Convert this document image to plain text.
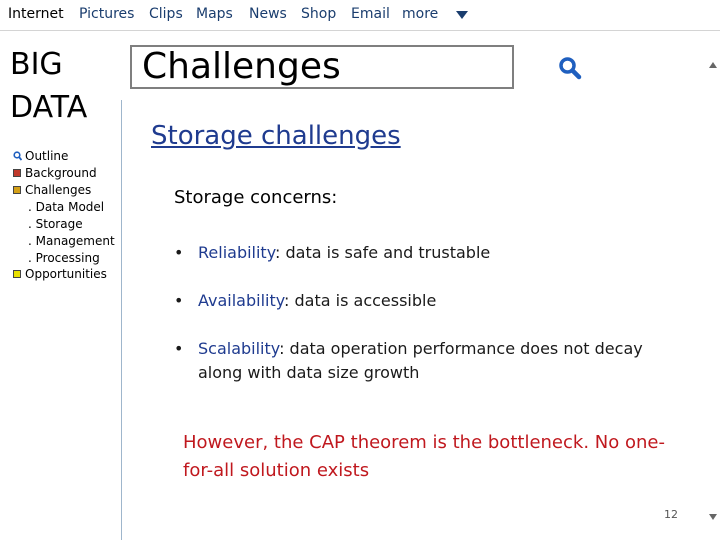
Internet Pictures Clips Maps News Shop Email more
BIG
DATA
Outline
Background
Challenges
. Data Model
. Storage
. Management
. Processing
Opportunities
Challenges
Storage challenges
Storage concerns:
• Reliability: data is safe and trustable
• Availability: data is accessible
• Scalability: data operation performance does not decay along with data size growth
However, the CAP theorem is the bottleneck. No one-for-all solution exists
12
